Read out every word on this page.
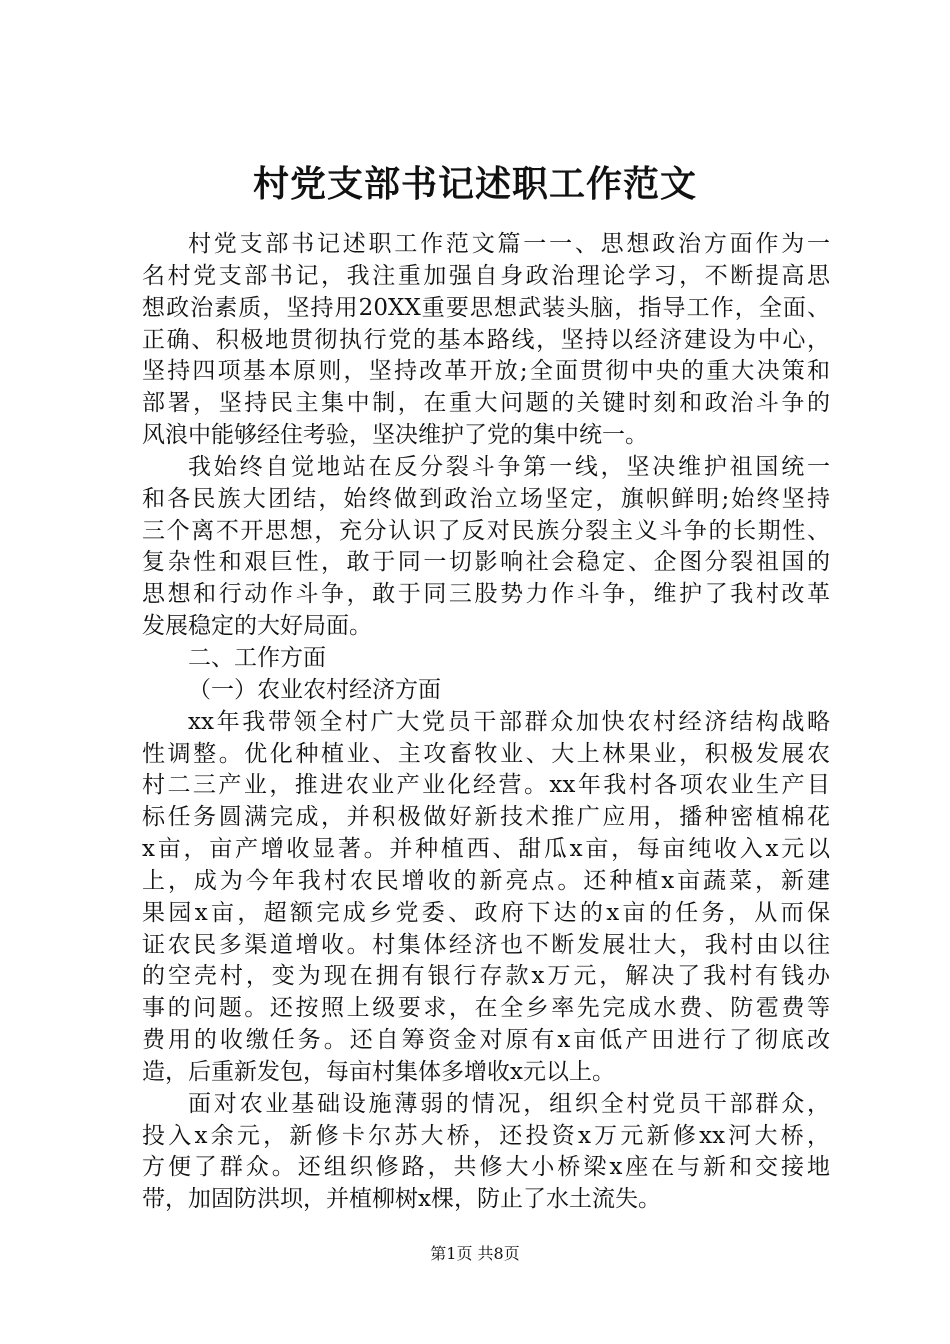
村党支部书记述职工作范文
村党支部书记述职工作范文篇一一、思想政治方面作为一
名村党支部书记，我注重加强自身政治理论学习，不断提高思
想政治素质，坚持用20XX重要思想武装头脑，指导工作，全面、
正确、积极地贯彻执行党的基本路线，坚持以经济建设为中心，
坚持四项基本原则，坚持改革开放;全面贯彻中央的重大决策和
部署，坚持民主集中制，在重大问题的关键时刻和政治斗争的
风浪中能够经住考验，坚决维护了党的集中统一。
我始终自觉地站在反分裂斗争第一线，坚决维护祖国统一
和各民族大团结，始终做到政治立场坚定，旗帜鲜明;始终坚持
三个离不开思想，充分认识了反对民族分裂主义斗争的长期性、
复杂性和艰巨性，敢于同一切影响社会稳定、企图分裂祖国的
思想和行动作斗争，敢于同三股势力作斗争，维护了我村改革
发展稳定的大好局面。
二、工作方面
（一）农业农村经济方面
xx年我带领全村广大党员干部群众加快农村经济结构战略
性调整。优化种植业、主攻畜牧业、大上林果业，积极发展农
村二三产业，推进农业产业化经营。xx年我村各项农业生产目
标任务圆满完成，并积极做好新技术推广应用，播种密植棉花
x亩，亩产增收显著。并种植西、甜瓜x亩，每亩纯收入x元以
上，成为今年我村农民增收的新亮点。还种植x亩蔬菜，新建
果园x亩，超额完成乡党委、政府下达的x亩的任务，从而保
证农民多渠道增收。村集体经济也不断发展壮大，我村由以往
的空壳村，变为现在拥有银行存款x万元，解决了我村有钱办
事的问题。还按照上级要求，在全乡率先完成水费、防雹费等
费用的收缴任务。还自筹资金对原有x亩低产田进行了彻底改
造，后重新发包，每亩村集体多增收x元以上。
面对农业基础设施薄弱的情况，组织全村党员干部群众，
投入x余元，新修卡尔苏大桥，还投资x万元新修xx河大桥，
方便了群众。还组织修路，共修大小桥梁x座在与新和交接地
带，加固防洪坝，并植柳树x棵，防止了水土流失。
第1页 共8页
